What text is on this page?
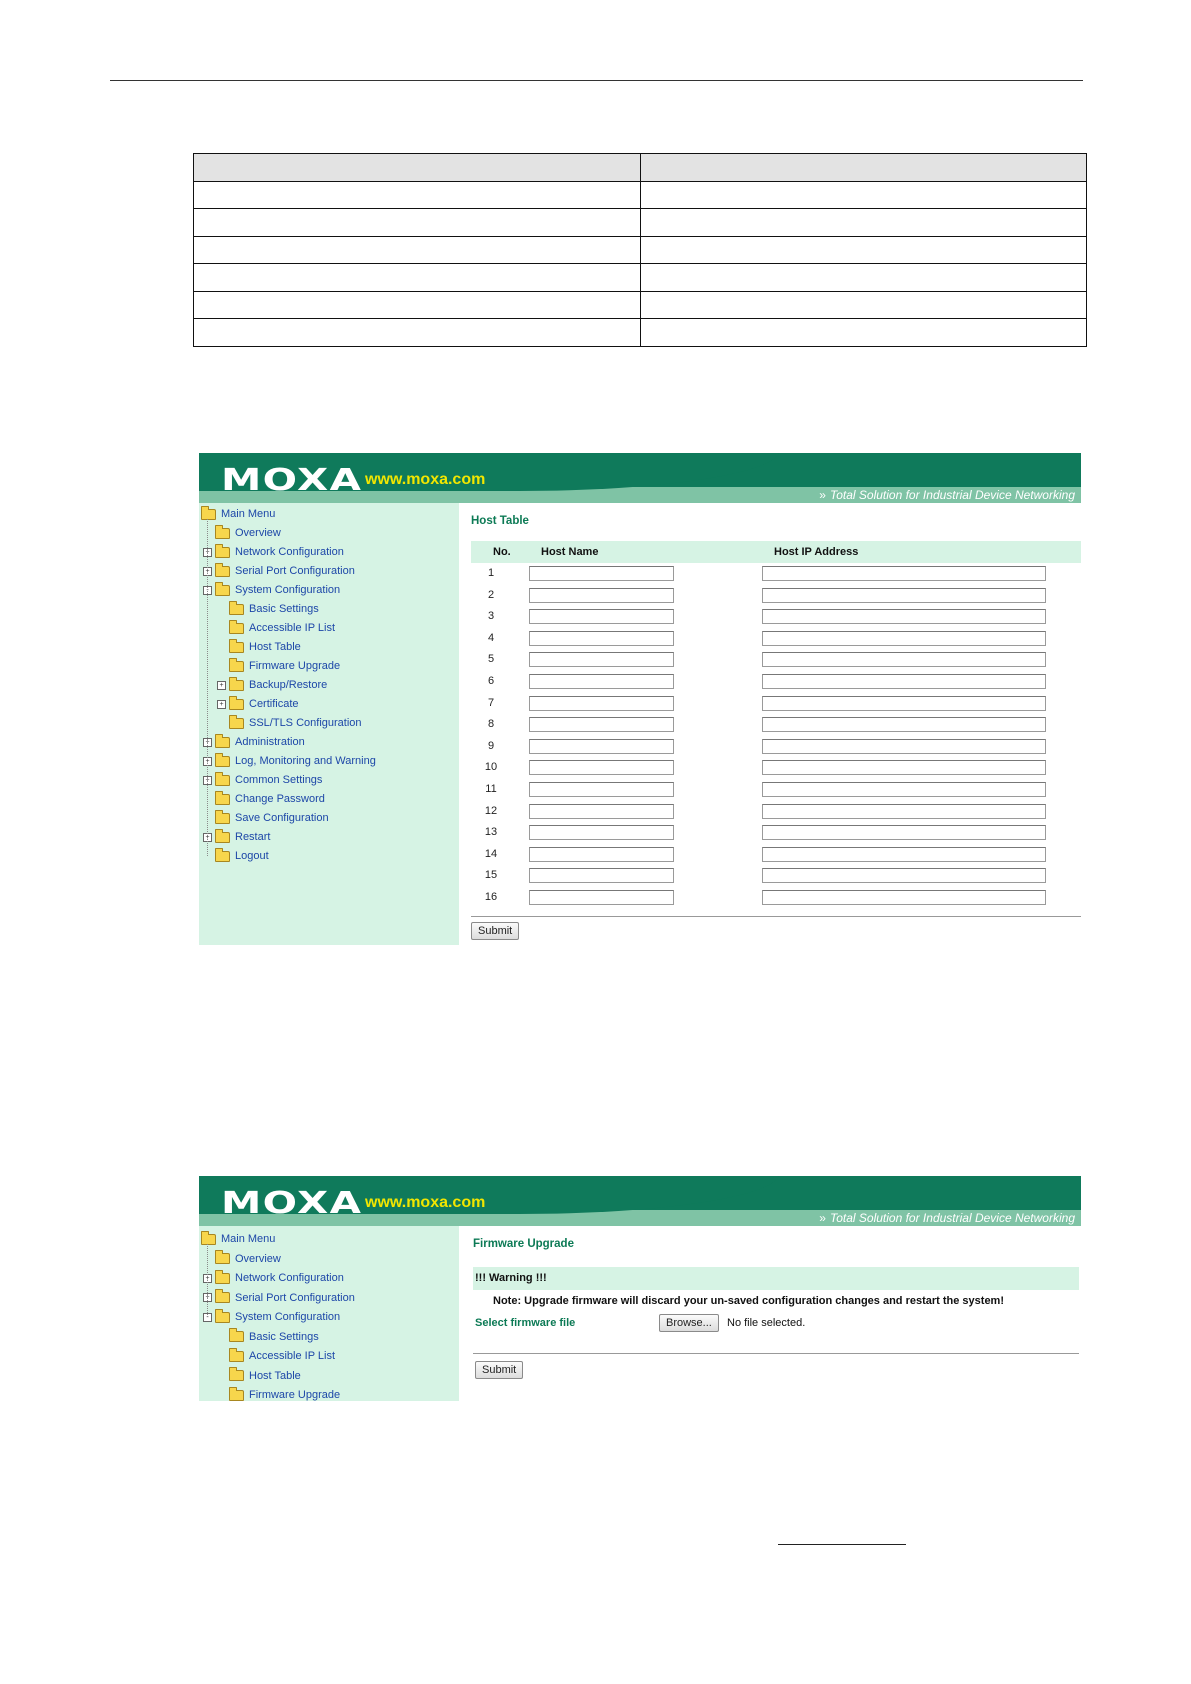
MOXA www.moxa.com
» Total Solution for Industrial Device Networking
Main Menu
Overview
+ Network Configuration
+ Serial Port Configuration
- System Configuration
Basic Settings
Accessible IP List
Host Table
Firmware Upgrade
+ Backup/Restore
+ Certificate
SSL/TLS Configuration
+ Administration
+ Log, Monitoring and Warning
+ Common Settings
Change Password
Save Configuration
+ Restart
Logout
Host Table
No.	Host Name	Host IP Address
1
2
3
4
5
6
7
8
9
10
11
12
13
14
15
16
Submit
MOXA www.moxa.com
» Total Solution for Industrial Device Networking
Main Menu
Overview
+ Network Configuration
+ Serial Port Configuration
- System Configuration
Basic Settings
Accessible IP List
Host Table
Firmware Upgrade
Firmware Upgrade
!!! Warning !!!
Note: Upgrade firmware will discard your un-saved configuration changes and restart the system!
Select firmware file	Browse...	No file selected.
Submit
